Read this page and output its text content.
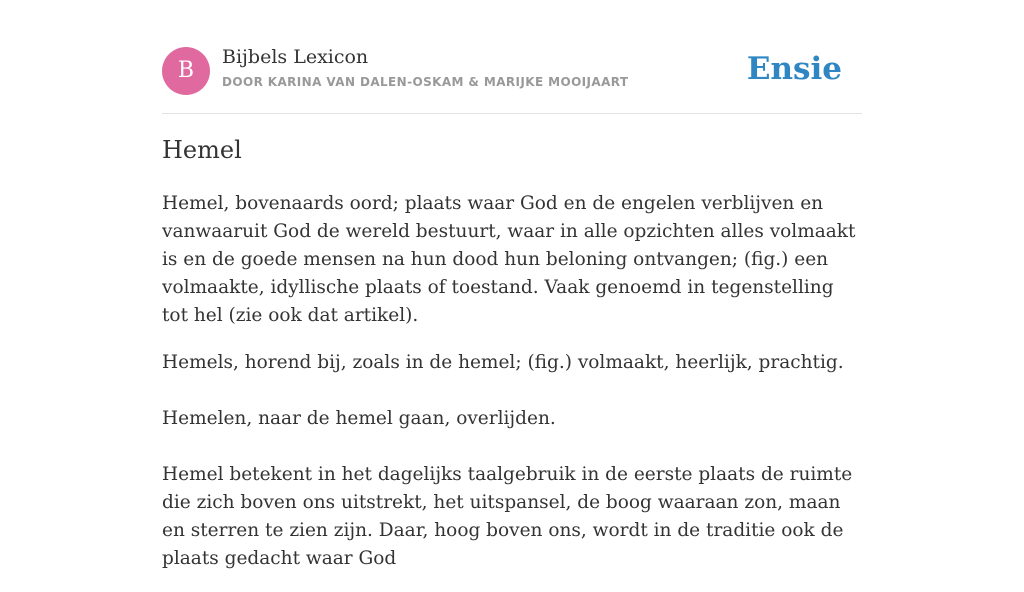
B
Bijbels Lexicon
DOOR KARINA VAN DALEN-OSKAM & MARIJKE MOOIJAART	Ensie
Hemel

Hemel, bovenaards oord; plaats waar God en de engelen verblijven en vanwaaruit God de wereld bestuurt, waar in alle opzichten alles volmaakt is en de goede mensen na hun dood hun beloning ontvangen; (fig.) een volmaakte, idyllische plaats of toestand. Vaak genoemd in tegenstelling tot hel (zie ook dat artikel).

Hemels, horend bij, zoals in de hemel; (fig.) volmaakt, heerlijk, prachtig.

Hemelen, naar de hemel gaan, overlijden.

Hemel betekent in het dagelijks taalgebruik in de eerste plaats de ruimte die zich boven ons uitstrekt, het uitspansel, de boog waaraan zon, maan en sterren te zien zijn. Daar, hoog boven ons, wordt in de traditie ook de plaats gedacht waar God
